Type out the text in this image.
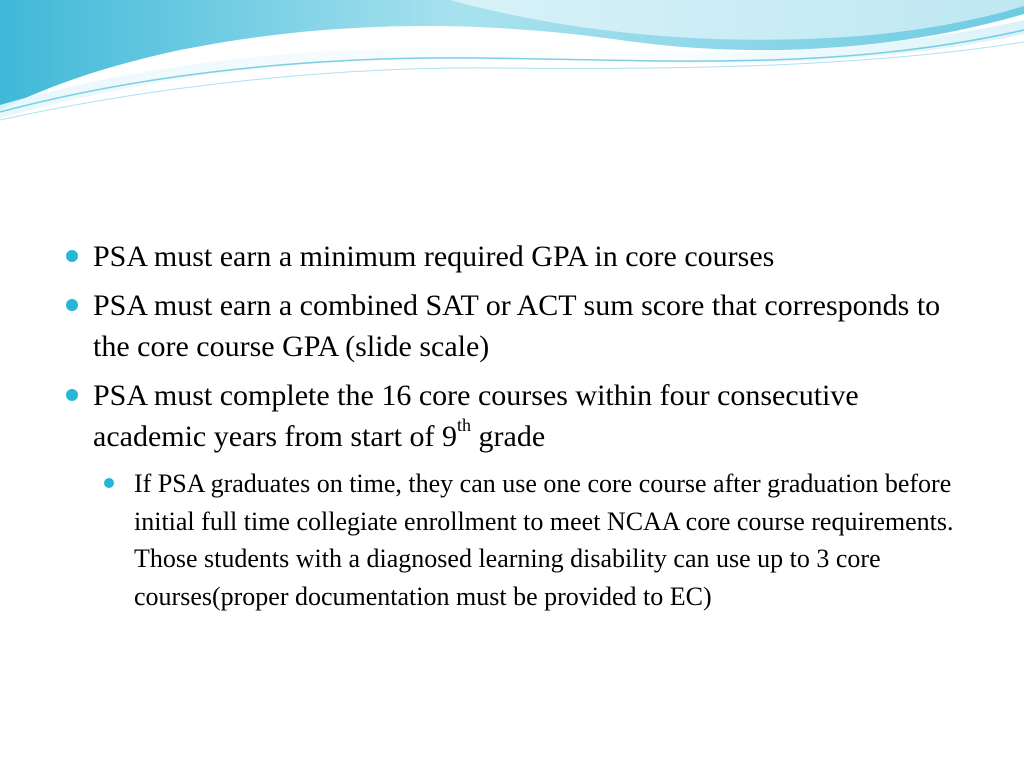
PSA must earn a minimum required GPA in core courses
PSA must earn a combined SAT or ACT sum score that corresponds to the core course GPA (slide scale)
PSA must complete the 16 core courses within four consecutive academic years from start of 9th grade
If PSA graduates on time, they can use one core course after graduation before initial full time collegiate enrollment to meet NCAA core course requirements. Those students with a diagnosed learning disability can use up to 3 core courses(proper documentation must be provided to EC)
